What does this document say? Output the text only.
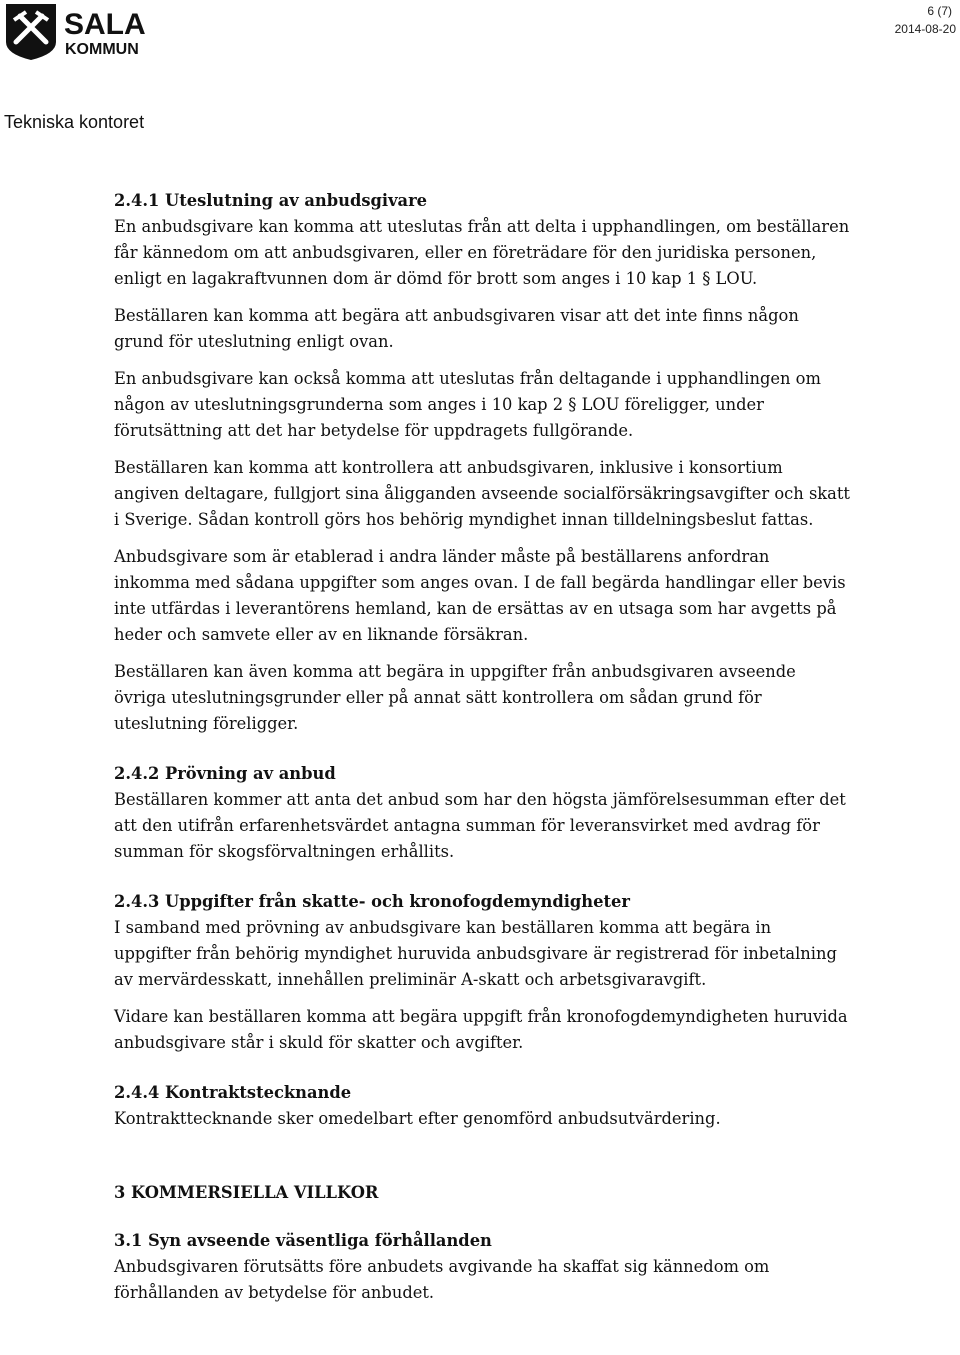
SALA
KOMMUN
6 (7)
2014-08-20
Tekniska kontoret

2.4.1 Uteslutning av anbudsgivare

En anbudsgivare kan komma att uteslutas från att delta i upphandlingen, om beställaren får kännedom om att anbudsgivaren, eller en företrädare för den juridiska personen, enligt en lagakraftvunnen dom är dömd för brott som anges i 10 kap 1 § LOU.

Beställaren kan komma att begära att anbudsgivaren visar att det inte finns någon grund för uteslutning enligt ovan.

En anbudsgivare kan också komma att uteslutas från deltagande i upphandlingen om någon av uteslutningsgrunderna som anges i 10 kap 2 § LOU föreligger, under förutsättning att det har betydelse för uppdragets fullgörande.

Beställaren kan komma att kontrollera att anbudsgivaren, inklusive i konsortium angiven deltagare, fullgjort sina åligganden avseende socialförsäkringsavgifter och skatt i Sverige. Sådan kontroll görs hos behörig myndighet innan tilldelningsbeslut fattas.

Anbudsgivare som är etablerad i andra länder måste på beställarens anfordran inkomma med sådana uppgifter som anges ovan. I de fall begärda handlingar eller bevis inte utfärdas i leverantörens hemland, kan de ersättas av en utsaga som har avgetts på heder och samvete eller av en liknande försäkran.

Beställaren kan även komma att begära in uppgifter från anbudsgivaren avseende övriga uteslutningsgrunder eller på annat sätt kontrollera om sådan grund för uteslutning föreligger.

2.4.2 Prövning av anbud

Beställaren kommer att anta det anbud som har den högsta jämförelsesumman efter det att den utifrån erfarenhetsvärdet antagna summan för leveransvirket med avdrag för summan för skogsförvaltningen erhållits.

2.4.3 Uppgifter från skatte- och kronofogdemyndigheter

I samband med prövning av anbudsgivare kan beställaren komma att begära in uppgifter från behörig myndighet huruvida anbudsgivare är registrerad för inbetalning av mervärdesskatt, innehållen preliminär A-skatt och arbetsgivaravgift.

Vidare kan beställaren komma att begära uppgift från kronofogdemyndigheten huruvida anbudsgivare står i skuld för skatter och avgifter.

2.4.4 Kontraktstecknande

Kontrakttecknande sker omedelbart efter genomförd anbudsutvärdering.

3 KOMMERSIELLA VILLKOR

3.1 Syn avseende väsentliga förhållanden

Anbudsgivaren förutsätts före anbudets avgivande ha skaffat sig kännedom om förhållanden av betydelse för anbudet.
